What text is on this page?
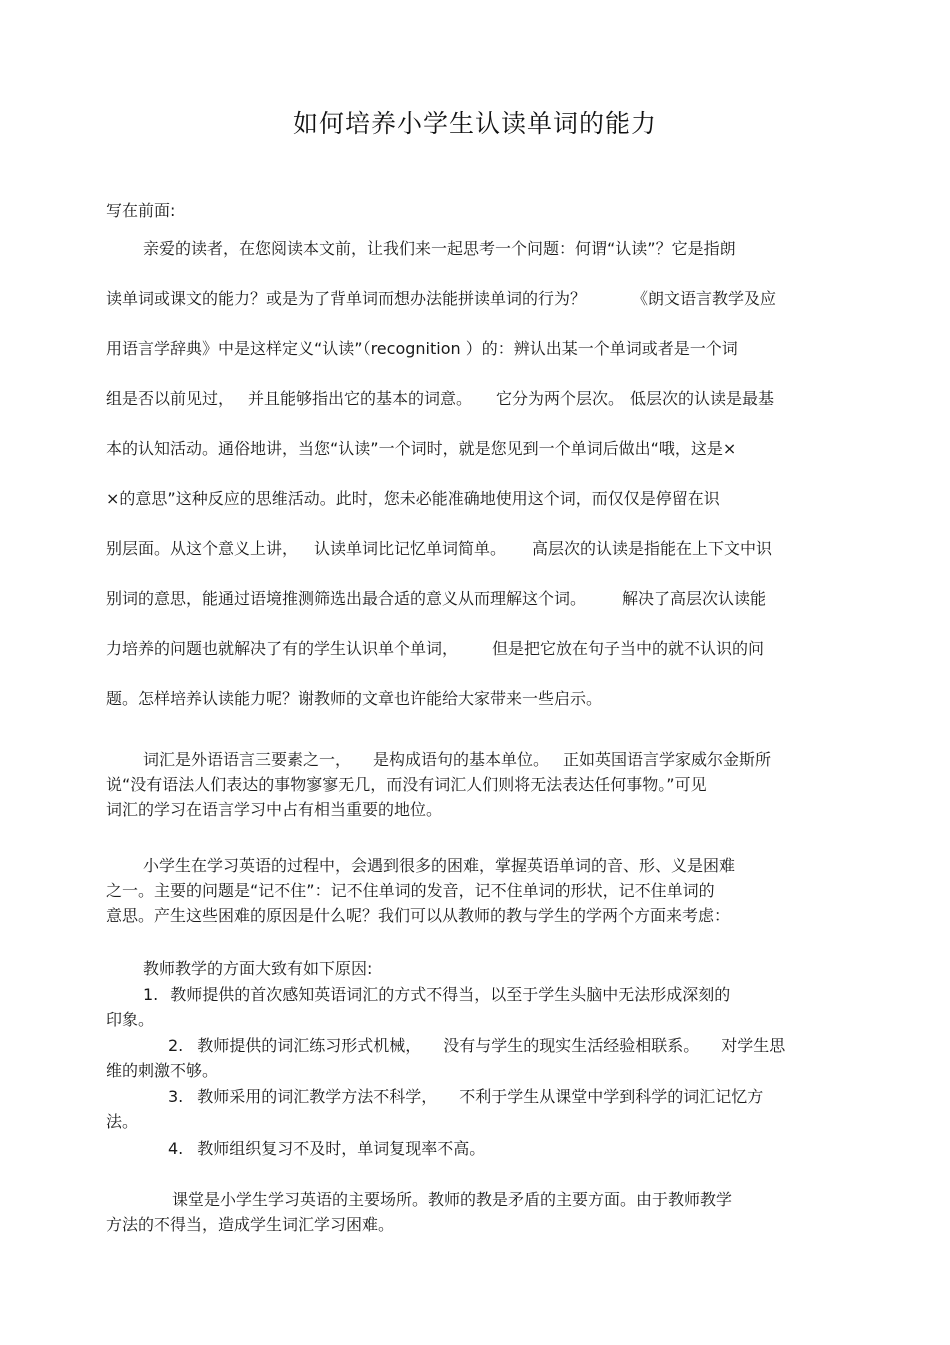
如何培养小学生认读单词的能力
写在前面:
亲爱的读者，在您阅读本文前，让我们来一起思考一个问题：何谓“认读”？它是指朗
读单词或课文的能力？或是为了背单词而想办法能拼读单词的行为？	《朗文语言教学及应
用语言学辞典》中是这样定义“认读”（recognition ）的：辨认出某一个单词或者是一个词
组是否以前见过， 并且能够指出它的基本的词意。 它分为两个层次。 低层次的认读是最基
本的认知活动。通俗地讲，当您“认读”一个词时，就是您见到一个单词后做出“哦，这是×
×的意思”这种反应的思维活动。此时，您未必能准确地使用这个词，而仅仅是停留在识
别层面。从这个意义上讲， 认读单词比记忆单词简单。 高层次的认读是指能在上下文中识
别词的意思，能通过语境推测筛选出最合适的意义从而理解这个词。 解决了高层次认读能
力培养的问题也就解决了有的学生认识单个单词， 但是把它放在句子当中的就不认识的问
题。怎样培养认读能力呢？谢教师的文章也许能给大家带来一些启示。
词汇是外语语言三要素之一， 是构成语句的基本单位。 正如英国语言学家威尔金斯所
说“没有语法人们表达的事物寥寥无几，而没有词汇人们则将无法表达任何事物。”可见
词汇的学习在语言学习中占有相当重要的地位。
小学生在学习英语的过程中，会遇到很多的困难，掌握英语单词的音、形、义是困难
之一。主要的问题是“记不住”：记不住单词的发音，记不住单词的形状，记不住单词的
意思。产生这些困难的原因是什么呢？我们可以从教师的教与学生的学两个方面来考虑：
教师教学的方面大致有如下原因:
1. 教师提供的首次感知英语词汇的方式不得当，以至于学生头脑中无法形成深刻的
印象。
2. 教师提供的词汇练习形式机械， 没有与学生的现实生活经验相联系。 对学生思
维的刺激不够。
3. 教师采用的词汇教学方法不科学， 不利于学生从课堂中学到科学的词汇记忆方
法。
4. 教师组织复习不及时，单词复现率不高。
课堂是小学生学习英语的主要场所。教师的教是矛盾的主要方面。由于教师教学
方法的不得当，造成学生词汇学习困难。
